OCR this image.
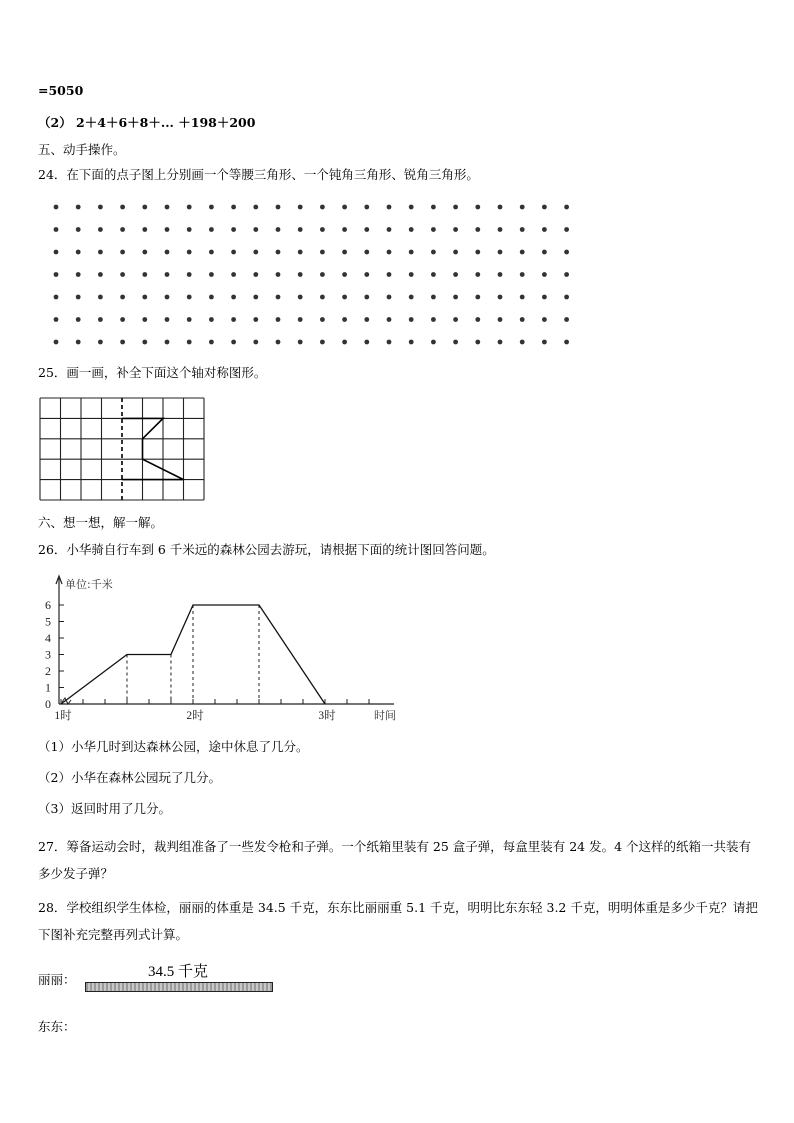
=5050
（2） 2＋4＋6＋8＋... ＋198＋200
五、动手操作。
24．在下面的点子图上分别画一个等腰三角形、一个钝角三角形、锐角三角形。
25．画一画，补全下面这个轴对称图形。
六、想一想，解一解。
26．小华骑自行车到 6 千米远的森林公园去游玩，请根据下面的统计图回答问题。
0
1
2
3
4
5
6
1时	2时	3时
单位:千米
时间
（1）小华几时到达森林公园，途中休息了几分。
（2）小华在森林公园玩了几分。
（3）返回时用了几分。
27．筹备运动会时，裁判组准备了一些发令枪和子弹。一个纸箱里装有 25 盒子弹，每盒里装有 24 发。4 个这样的纸箱一共装有多少发子弹？
28．学校组织学生体检，丽丽的体重是 34.5 千克，东东比丽丽重 5.1 千克，明明比东东轻 3.2 千克，明明体重是多少千克？请把下图补充完整再列式计算。
丽丽：	34.5 千克
东东：
